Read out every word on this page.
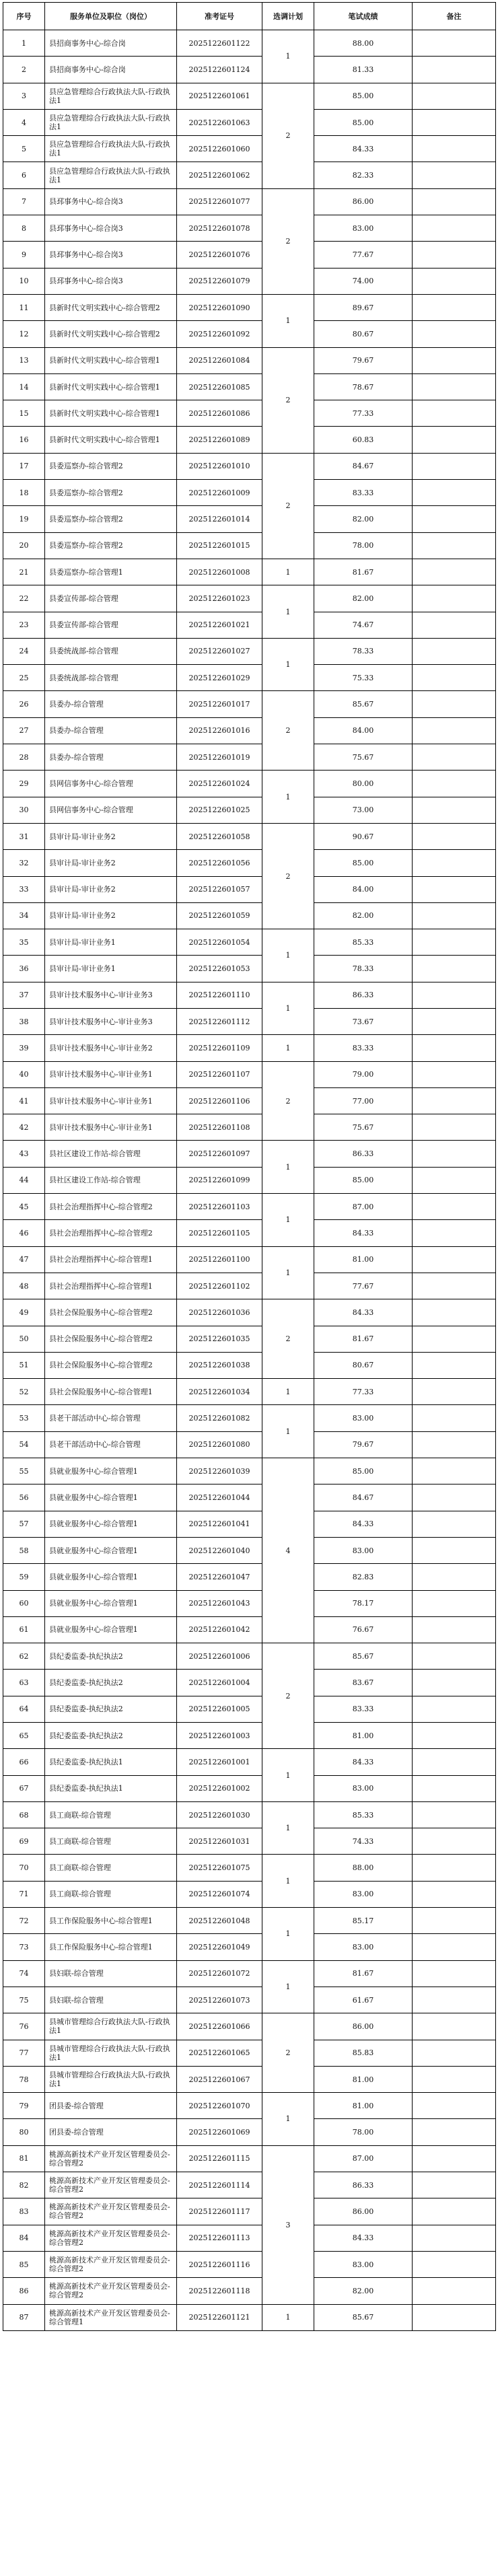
序号	服务单位及职位（岗位）	准考证号	选调计划	笔试成绩	备注
1	县招商事务中心-综合岗	2025122601122	1	88.00	
2	县招商事务中心-综合岗	2025122601124		81.33	
3	县应急管理综合行政执法大队-行政执法1	2025122601061	2	85.00	
4	县应急管理综合行政执法大队-行政执法1	2025122601063		85.00	
5	县应急管理综合行政执法大队-行政执法1	2025122601060		84.33	
6	县应急管理综合行政执法大队-行政执法1	2025122601062		82.33	
7	县邳事务中心-综合岗3	2025122601077	2	86.00	
8	县邳事务中心-综合岗3	2025122601078		83.00	
9	县邳事务中心-综合岗3	2025122601076		77.67	
10	县邳事务中心-综合岗3	2025122601079		74.00	
11	县新时代文明实践中心-综合管理2	2025122601090	1	89.67	
12	县新时代文明实践中心-综合管理2	2025122601092		80.67	
13	县新时代文明实践中心-综合管理1	2025122601084	2	79.67	
14	县新时代文明实践中心-综合管理1	2025122601085		78.67	
15	县新时代文明实践中心-综合管理1	2025122601086		77.33	
16	县新时代文明实践中心-综合管理1	2025122601089		60.83	
17	县委巡察办-综合管理2	2025122601010	2	84.67	
18	县委巡察办-综合管理2	2025122601009		83.33	
19	县委巡察办-综合管理2	2025122601014		82.00	
20	县委巡察办-综合管理2	2025122601015		78.00	
21	县委巡察办-综合管理1	2025122601008	1	81.67	
22	县委宣传部-综合管理	2025122601023	1	82.00	
23	县委宣传部-综合管理	2025122601021		74.67	
24	县委统战部-综合管理	2025122601027	1	78.33	
25	县委统战部-综合管理	2025122601029		75.33	
26	县委办-综合管理	2025122601017	2	85.67	
27	县委办-综合管理	2025122601016		84.00	
28	县委办-综合管理	2025122601019		75.67	
29	县网信事务中心-综合管理	2025122601024	1	80.00	
30	县网信事务中心-综合管理	2025122601025		73.00	
31	县审计局-审计业务2	2025122601058	2	90.67	
32	县审计局-审计业务2	2025122601056		85.00	
33	县审计局-审计业务2	2025122601057		84.00	
34	县审计局-审计业务2	2025122601059		82.00	
35	县审计局-审计业务1	2025122601054	1	85.33	
36	县审计局-审计业务1	2025122601053		78.33	
37	县审计技术服务中心-审计业务3	2025122601110	1	86.33	
38	县审计技术服务中心-审计业务3	2025122601112		73.67	
39	县审计技术服务中心-审计业务2	2025122601109	1	83.33	
40	县审计技术服务中心-审计业务1	2025122601107	2	79.00	
41	县审计技术服务中心-审计业务1	2025122601106		77.00	
42	县审计技术服务中心-审计业务1	2025122601108		75.67	
43	县社区建设工作站-综合管理	2025122601097	1	86.33	
44	县社区建设工作站-综合管理	2025122601099		85.00	
45	县社会治理指挥中心-综合管理2	2025122601103	1	87.00	
46	县社会治理指挥中心-综合管理2	2025122601105		84.33	
47	县社会治理指挥中心-综合管理1	2025122601100	1	81.00	
48	县社会治理指挥中心-综合管理1	2025122601102		77.67	
49	县社会保险服务中心-综合管理2	2025122601036	2	84.33	
50	县社会保险服务中心-综合管理2	2025122601035		81.67	
51	县社会保险服务中心-综合管理2	2025122601038		80.67	
52	县社会保险服务中心-综合管理1	2025122601034	1	77.33	
53	县老干部活动中心-综合管理	2025122601082	1	83.00	
54	县老干部活动中心-综合管理	2025122601080		79.67	
55	县就业服务中心-综合管理1	2025122601039	4	85.00	
56	县就业服务中心-综合管理1	2025122601044		84.67	
57	县就业服务中心-综合管理1	2025122601041		84.33	
58	县就业服务中心-综合管理1	2025122601040		83.00	
59	县就业服务中心-综合管理1	2025122601047		82.83	
60	县就业服务中心-综合管理1	2025122601043		78.17	
61	县就业服务中心-综合管理1	2025122601042		76.67	
62	县纪委监委-执纪执法2	2025122601006	2	85.67	
63	县纪委监委-执纪执法2	2025122601004		83.67	
64	县纪委监委-执纪执法2	2025122601005		83.33	
65	县纪委监委-执纪执法2	2025122601003		81.00	
66	县纪委监委-执纪执法1	2025122601001	1	84.33	
67	县纪委监委-执纪执法1	2025122601002		83.00	
68	县工商联-综合管理	2025122601030	1	85.33	
69	县工商联-综合管理	2025122601031		74.33	
70	县工商联-综合管理	2025122601075	1	88.00	
71	县工商联-综合管理	2025122601074		83.00	
72	县工作保险服务中心-综合管理1	2025122601048	1	85.17	
73	县工作保险服务中心-综合管理1	2025122601049		83.00	
74	县妇联-综合管理	2025122601072	1	81.67	
75	县妇联-综合管理	2025122601073		61.67	
76	县城市管理综合行政执法大队-行政执法1	2025122601066	2	86.00	
77	县城市管理综合行政执法大队-行政执法1	2025122601065		85.83	
78	县城市管理综合行政执法大队-行政执法1	2025122601067		81.00	
79	团县委-综合管理	2025122601070	1	81.00	
80	团县委-综合管理	2025122601069		78.00	
81	桃源高新技术产业开发区管理委员会-综合管理2	2025122601115	3	87.00	
82	桃源高新技术产业开发区管理委员会-综合管理2	2025122601114		86.33	
83	桃源高新技术产业开发区管理委员会-综合管理2	2025122601117		86.00	
84	桃源高新技术产业开发区管理委员会-综合管理2	2025122601113		84.33	
85	桃源高新技术产业开发区管理委员会-综合管理2	2025122601116		83.00	
86	桃源高新技术产业开发区管理委员会-综合管理2	2025122601118		82.00	
87	桃源高新技术产业开发区管理委员会-综合管理1	2025122601121	1	85.67	
